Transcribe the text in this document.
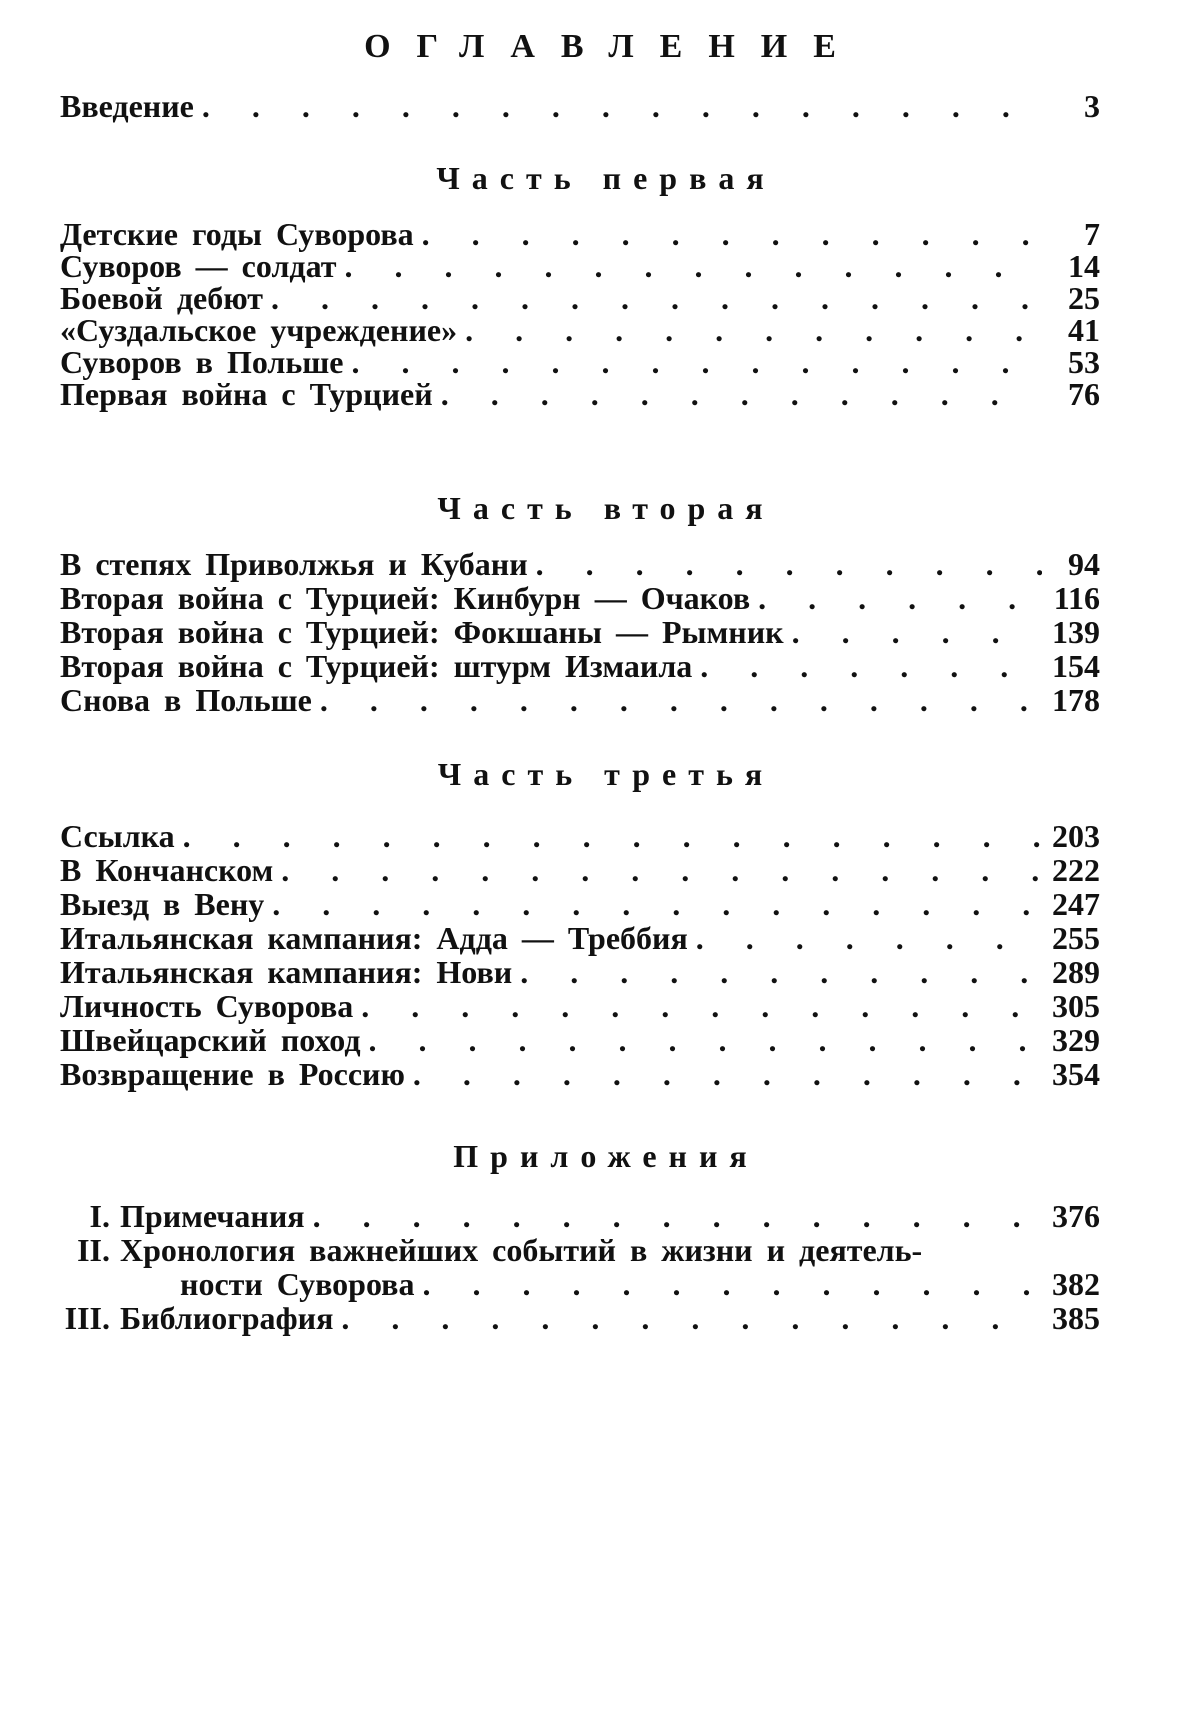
ОГЛАВЛЕНИЕ
Введение . . .	3
Часть первая
Детские годы Суворова . . .	7
Суворов — солдат . . .	14
Боевой дебют . . .	25
«Суздальское учреждение» . . .	41
Суворов в Польше . . .	53
Первая война с Турцией . . .	76
Часть вторая
В степях Приволжья и Кубани . . .	94
Вторая война с Турцией: Кинбурн — Очаков . . .	116
Вторая война с Турцией: Фокшаны — Рымник . . .	139
Вторая война с Турцией: штурм Измаила . . .	154
Снова в Польше . . .	178
Часть третья
Ссылка . . .	203
В Кончанском . . .	222
Выезд в Вену . . .	247
Итальянская кампания: Адда — Треббия . . .	255
Итальянская кампания: Нови . . .	289
Личность Суворова . . .	305
Швейцарский поход . . .	329
Возвращение в Россию . . .	354
Приложения
I. Примечания . . .	376
II. Хронология важнейших событий в жизни и деятель-
ности Суворова . . .	382
III. Библиография . . .	385
